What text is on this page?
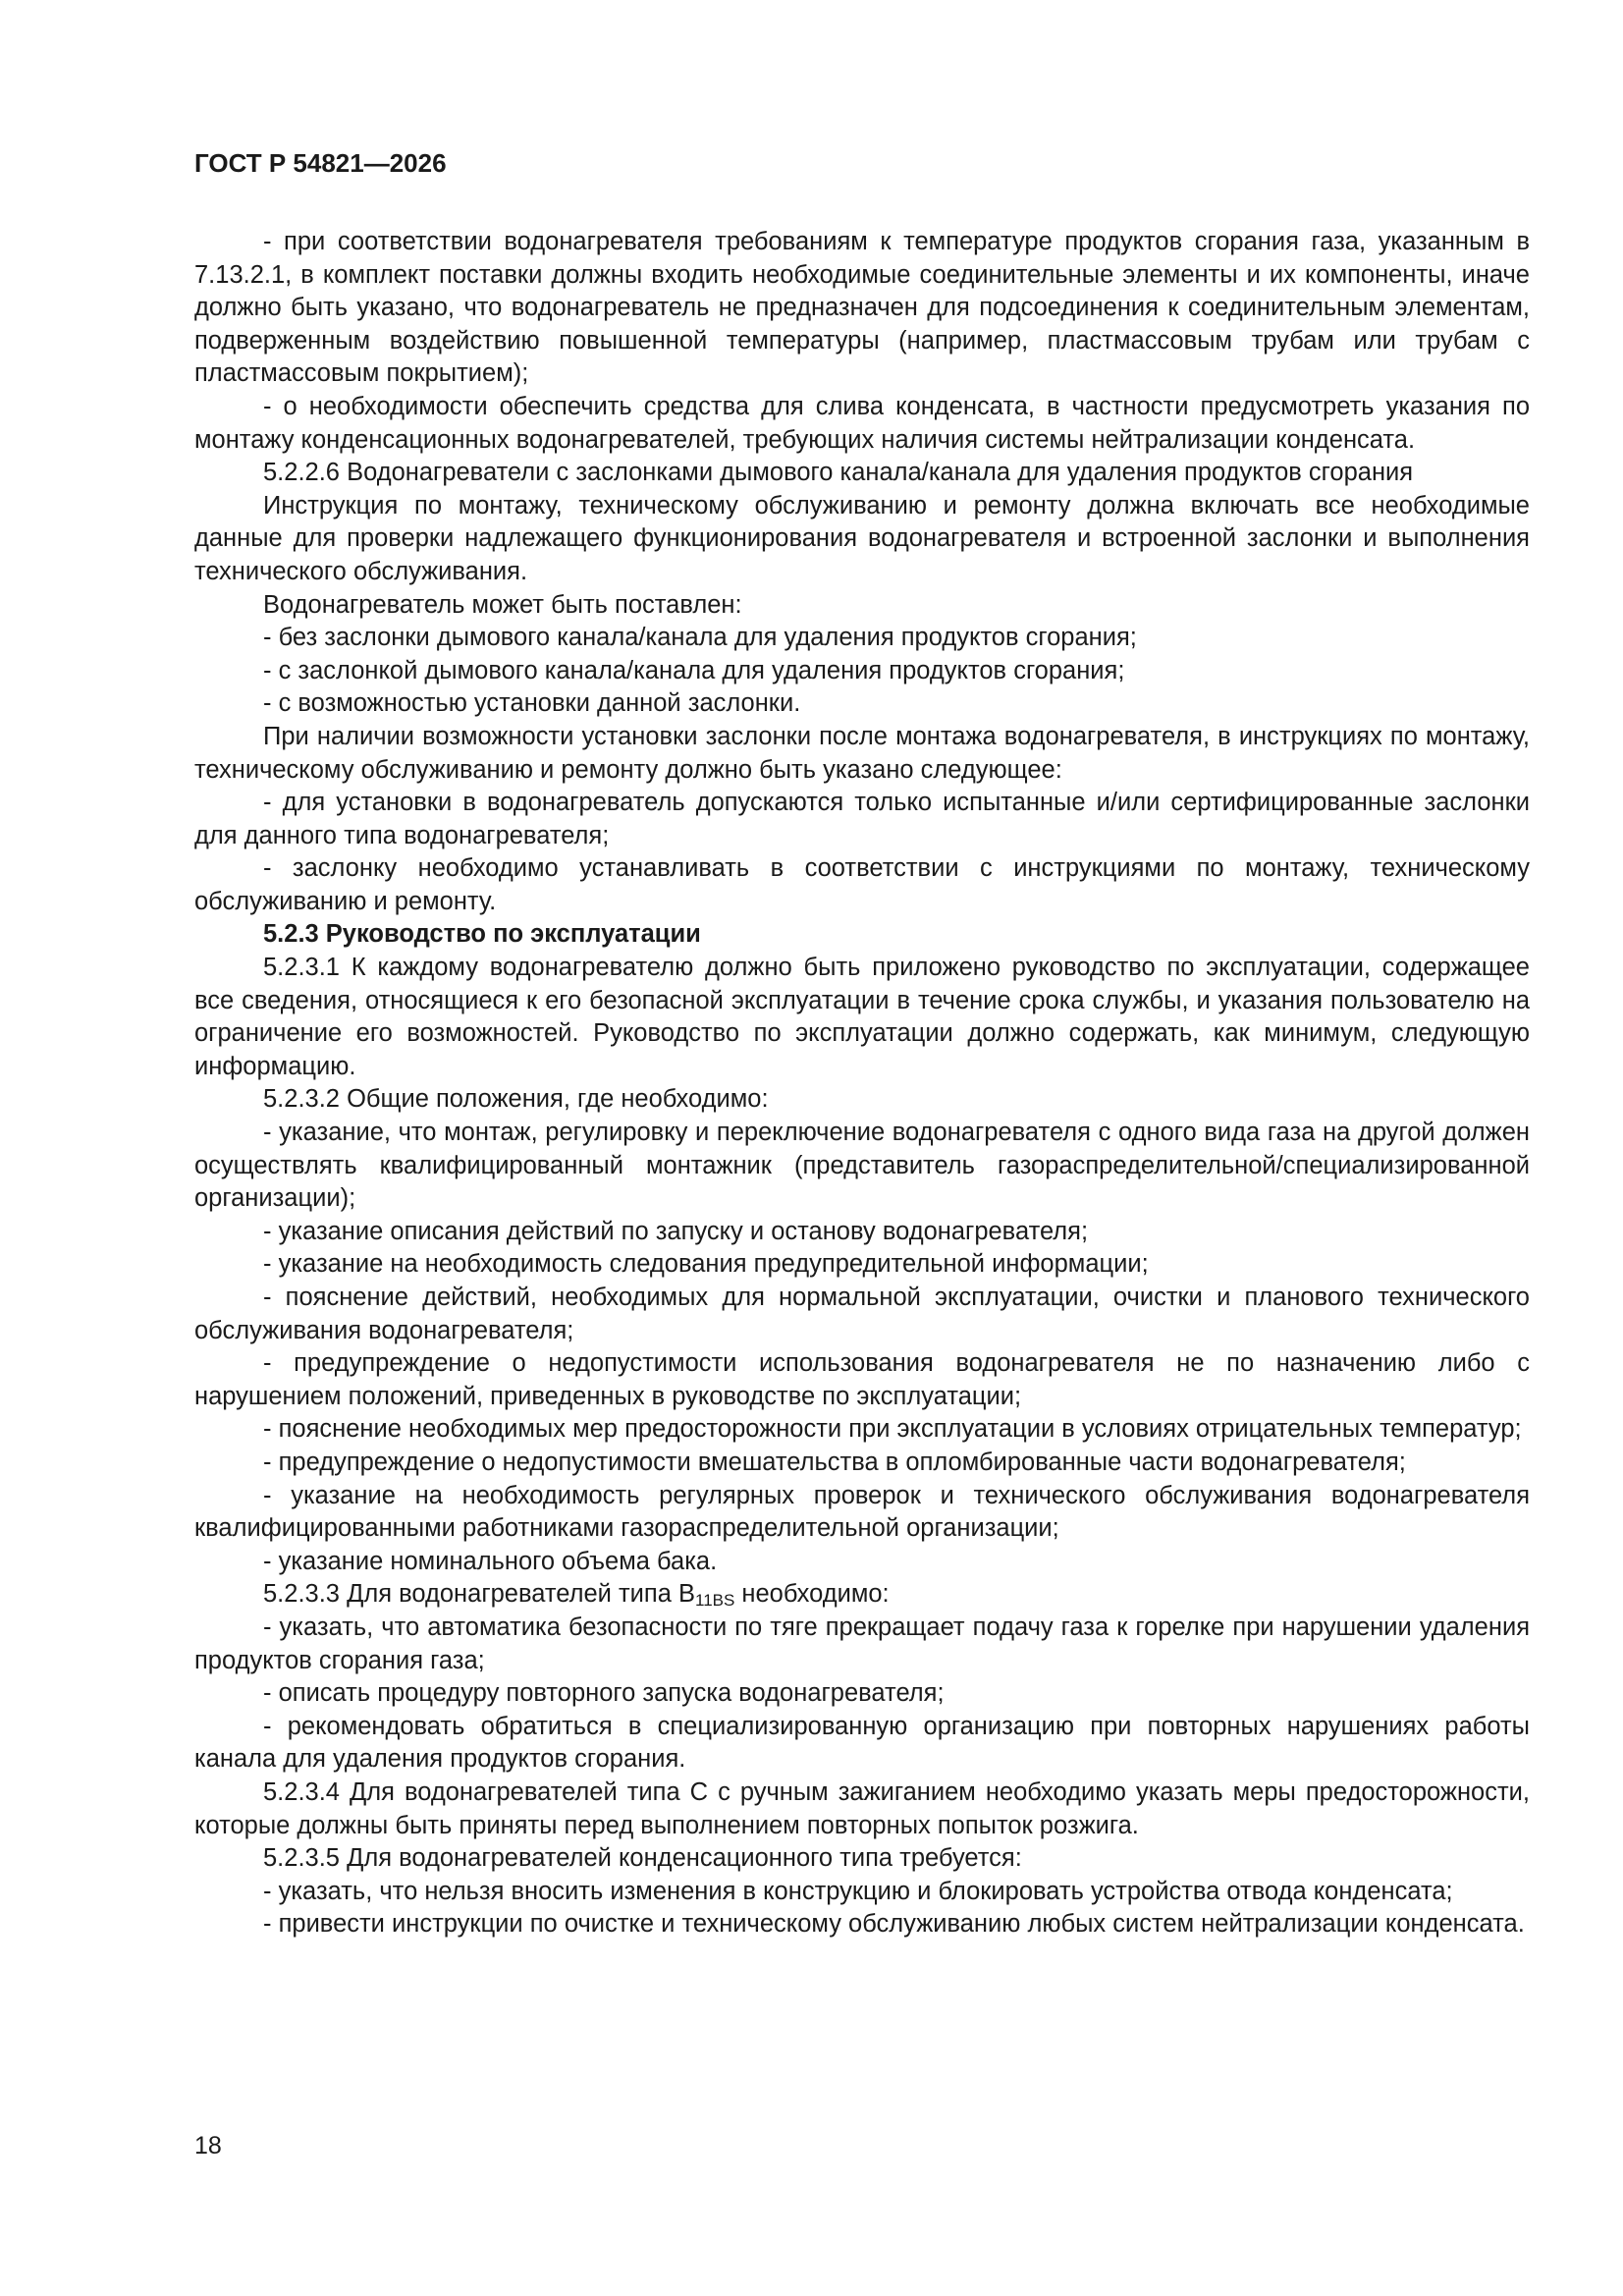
ГОСТ Р 54821—2026

- при соответствии водонагревателя требованиям к температуре продуктов сгорания газа, указанным в 7.13.2.1, в комплект поставки должны входить необходимые соединительные элементы и их компоненты, иначе должно быть указано, что водонагреватель не предназначен для подсоединения к соединительным элементам, подверженным воздействию повышенной температуры (например, пластмассовым трубам или трубам с пластмассовым покрытием);

- о необходимости обеспечить средства для слива конденсата, в частности предусмотреть указания по монтажу конденсационных водонагревателей, требующих наличия системы нейтрализации конденсата.

5.2.2.6 Водонагреватели с заслонками дымового канала/канала для удаления продуктов сгорания

Инструкция по монтажу, техническому обслуживанию и ремонту должна включать все необходимые данные для проверки надлежащего функционирования водонагревателя и встроенной заслонки и выполнения технического обслуживания.

Водонагреватель может быть поставлен:

- без заслонки дымового канала/канала для удаления продуктов сгорания;

- с заслонкой дымового канала/канала для удаления продуктов сгорания;

- с возможностью установки данной заслонки.

При наличии возможности установки заслонки после монтажа водонагревателя, в инструкциях по монтажу, техническому обслуживанию и ремонту должно быть указано следующее:

- для установки в водонагреватель допускаются только испытанные и/или сертифицированные заслонки для данного типа водонагревателя;

- заслонку необходимо устанавливать в соответствии с инструкциями по монтажу, техническому обслуживанию и ремонту.

5.2.3 Руководство по эксплуатации

5.2.3.1 К каждому водонагревателю должно быть приложено руководство по эксплуатации, содержащее все сведения, относящиеся к его безопасной эксплуатации в течение срока службы, и указания пользователю на ограничение его возможностей. Руководство по эксплуатации должно содержать, как минимум, следующую информацию.

5.2.3.2 Общие положения, где необходимо:

- указание, что монтаж, регулировку и переключение водонагревателя с одного вида газа на другой должен осуществлять квалифицированный монтажник (представитель газораспределительной/специализированной организации);

- указание описания действий по запуску и останову водонагревателя;

- указание на необходимость следования предупредительной информации;

- пояснение действий, необходимых для нормальной эксплуатации, очистки и планового технического обслуживания водонагревателя;

- предупреждение о недопустимости использования водонагревателя не по назначению либо с нарушением положений, приведенных в руководстве по эксплуатации;

- пояснение необходимых мер предосторожности при эксплуатации в условиях отрицательных температур;

- предупреждение о недопустимости вмешательства в опломбированные части водонагревателя;

- указание на необходимость регулярных проверок и технического обслуживания водонагревателя квалифицированными работниками газораспределительной организации;

- указание номинального объема бака.

5.2.3.3 Для водонагревателей типа $B_{11BS}$ необходимо:

- указать, что автоматика безопасности по тяге прекращает подачу газа к горелке при нарушении удаления продуктов сгорания газа;

- описать процедуру повторного запуска водонагревателя;

- рекомендовать обратиться в специализированную организацию при повторных нарушениях работы канала для удаления продуктов сгорания.

5.2.3.4 Для водонагревателей типа C с ручным зажиганием необходимо указать меры предосторожности, которые должны быть приняты перед выполнением повторных попыток розжига.

5.2.3.5 Для водонагревателей конденсационного типа требуется:

- указать, что нельзя вносить изменения в конструкцию и блокировать устройства отвода конденсата;

- привести инструкции по очистке и техническому обслуживанию любых систем нейтрализации конденсата.

18
